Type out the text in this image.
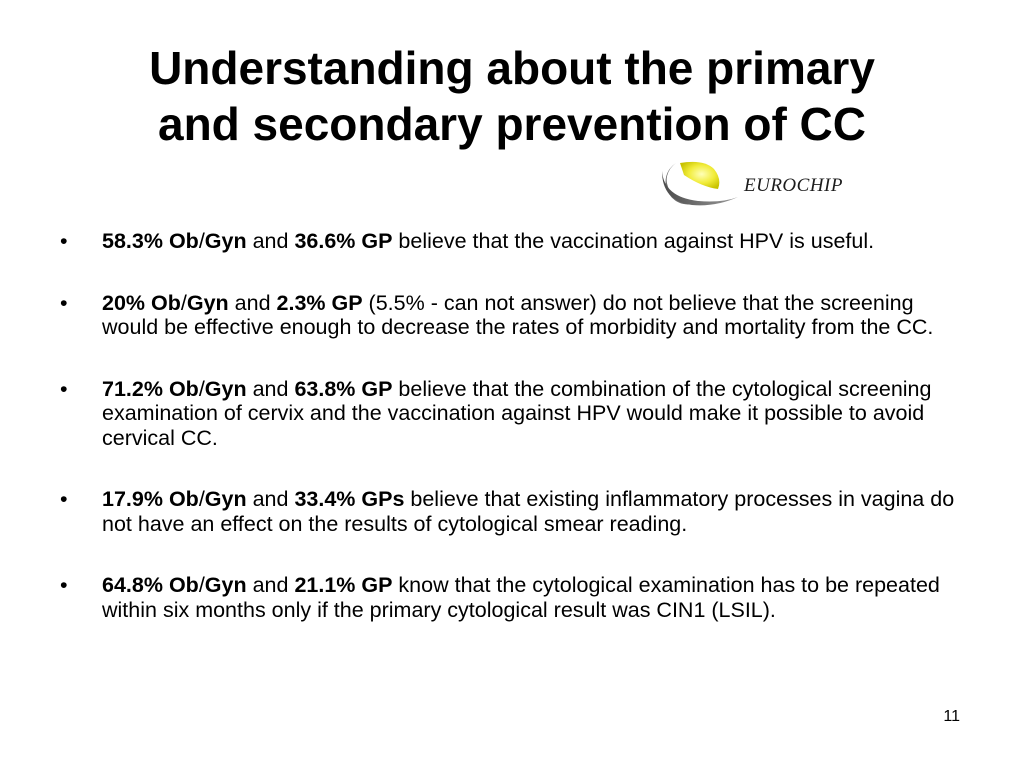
Understanding about the primary
and secondary prevention of CC
EUROCHIP
• 58.3% Ob/Gyn and 36.6% GP believe that the vaccination against HPV is useful.
• 20% Ob/Gyn and 2.3% GP (5.5% - can not answer) do not believe that the screening would be effective enough to decrease the rates of morbidity and mortality from the CC.
• 71.2% Ob/Gyn and 63.8% GP believe that the combination of the cytological screening examination of cervix and the vaccination against HPV would make it possible to avoid cervical CC.
• 17.9% Ob/Gyn and 33.4% GPs believe that existing inflammatory processes in vagina do not have an effect on the results of cytological smear reading.
• 64.8% Ob/Gyn and 21.1% GP know that the cytological examination has to be repeated within six months only if the primary cytological result was CIN1 (LSIL).
11
